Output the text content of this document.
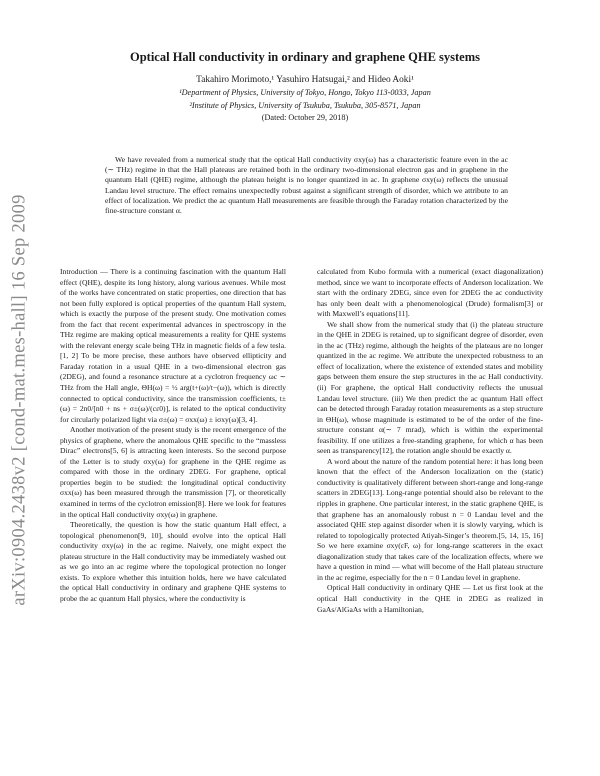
arXiv:0904.2438v2 [cond-mat.mes-hall] 16 Sep 2009
Optical Hall conductivity in ordinary and graphene QHE systems
Takahiro Morimoto,¹ Yasuhiro Hatsugai,² and Hideo Aoki¹
¹Department of Physics, University of Tokyo, Hongo, Tokyo 113-0033, Japan
²Institute of Physics, University of Tsukuba, Tsukuba, 305-8571, Japan
(Dated: October 29, 2018)
We have revealed from a numerical study that the optical Hall conductivity σxy(ω) has a characteristic feature even in the ac (∼ THz) regime in that the Hall plateaus are retained both in the ordinary two-dimensional electron gas and in graphene in the quantum Hall (QHE) regime, although the plateau height is no longer quantized in ac. In graphene σxy(ω) reflects the unusual Landau level structure. The effect remains unexpectedly robust against a significant strength of disorder, which we attribute to an effect of localization. We predict the ac quantum Hall measurements are feasible through the Faraday rotation characterized by the fine-structure constant α.

Introduction — There is a continuing fascination with the quantum Hall effect (QHE), despite its long history, along various avenues. While most of the works have concentrated on static properties, one direction that has not been fully explored is optical properties of the quantum Hall system, which is exactly the purpose of the present study. One motivation comes from the fact that recent experimental advances in spectroscopy in the THz regime are making optical measurements a reality for QHE systems with the relevant energy scale being THz in magnetic fields of a few tesla.[1, 2] To be more precise, these authors have observed ellipticity and Faraday rotation in a usual QHE in a two-dimensional electron gas (2DEG), and found a resonance structure at a cyclotron frequency ωc ∼ THz from the Hall angle, ΘH(ω) = ½ arg(t+(ω)/t−(ω)), which is directly connected to optical conductivity, since the transmission coefficients, t±(ω) = 2n0/[n0 + ns + σ±(ω)/(cε0)], is related to the optical conductivity for circularly polarized light via σ±(ω) = σxx(ω) ± iσxy(ω)[3, 4].

Another motivation of the present study is the recent emergence of the physics of graphene, where the anomalous QHE specific to the “massless Dirac” electrons[5, 6] is attracting keen interests. So the second purpose of the Letter is to study σxy(ω) for graphene in the QHE regime as compared with those in the ordinary 2DEG. For graphene, optical properties begin to be studied: the longitudinal optical conductivity σxx(ω) has been measured through the transmission [7], or theoretically examined in terms of the cyclotron emission[8]. Here we look for features in the optical Hall conductivity σxy(ω) in graphene.

Theoretically, the question is how the static quantum Hall effect, a topological phenomenon[9, 10], should evolve into the optical Hall conductivity σxy(ω) in the ac regime. Naively, one might expect the plateau structure in the Hall conductivity may be immediately washed out as we go into an ac regime where the topological protection no longer exists. To explore whether this intuition holds, here we have calculated the optical Hall conductivity in ordinary and graphene QHE systems to probe the ac quantum Hall physics, where the conductivity is

calculated from Kubo formula with a numerical (exact diagonalization) method, since we want to incorporate effects of Anderson localization. We start with the ordinary 2DEG, since even for 2DEG the ac conductivity has only been dealt with a phenomenological (Drude) formalism[3] or with Maxwell’s equations[11].

We shall show from the numerical study that (i) the plateau structure in the QHE in 2DEG is retained, up to significant degree of disorder, even in the ac (THz) regime, although the heights of the plateaus are no longer quantized in the ac regime. We attribute the unexpected robustness to an effect of localization, where the existence of extended states and mobility gaps between them ensure the step structures in the ac Hall conductivity. (ii) For graphene, the optical Hall conductivity reflects the unusual Landau level structure. (iii) We then predict the ac quantum Hall effect can be detected through Faraday rotation measurements as a step structure in ΘH(ω), whose magnitude is estimated to be of the order of the fine-structure constant α(∼ 7 mrad), which is within the experimental feasibility. If one utilizes a free-standing graphene, for which α has been seen as transparency[12], the rotation angle should be exactly α.

A word about the nature of the random potential here: it has long been known that the effect of the Anderson localization on the (static) conductivity is qualitatively different between short-range and long-range scatters in 2DEG[13]. Long-range potential should also be relevant to the ripples in graphene. One particular interest, in the static graphene QHE, is that graphene has an anomalously robust n = 0 Landau level and the associated QHE step against disorder when it is slowly varying, which is related to topologically protected Atiyah-Singer’s theorem.[5, 14, 15, 16] So we here examine σxy(εF, ω) for long-range scatterers in the exact diagonalization study that takes care of the localization effects, where we have a question in mind — what will become of the Hall plateau structure in the ac regime, especially for the n = 0 Landau level in graphene.

Optical Hall conductivity in ordinary QHE — Let us first look at the optical Hall conductivity in the QHE in 2DEG as realized in GaAs/AlGaAs with a Hamiltonian,
